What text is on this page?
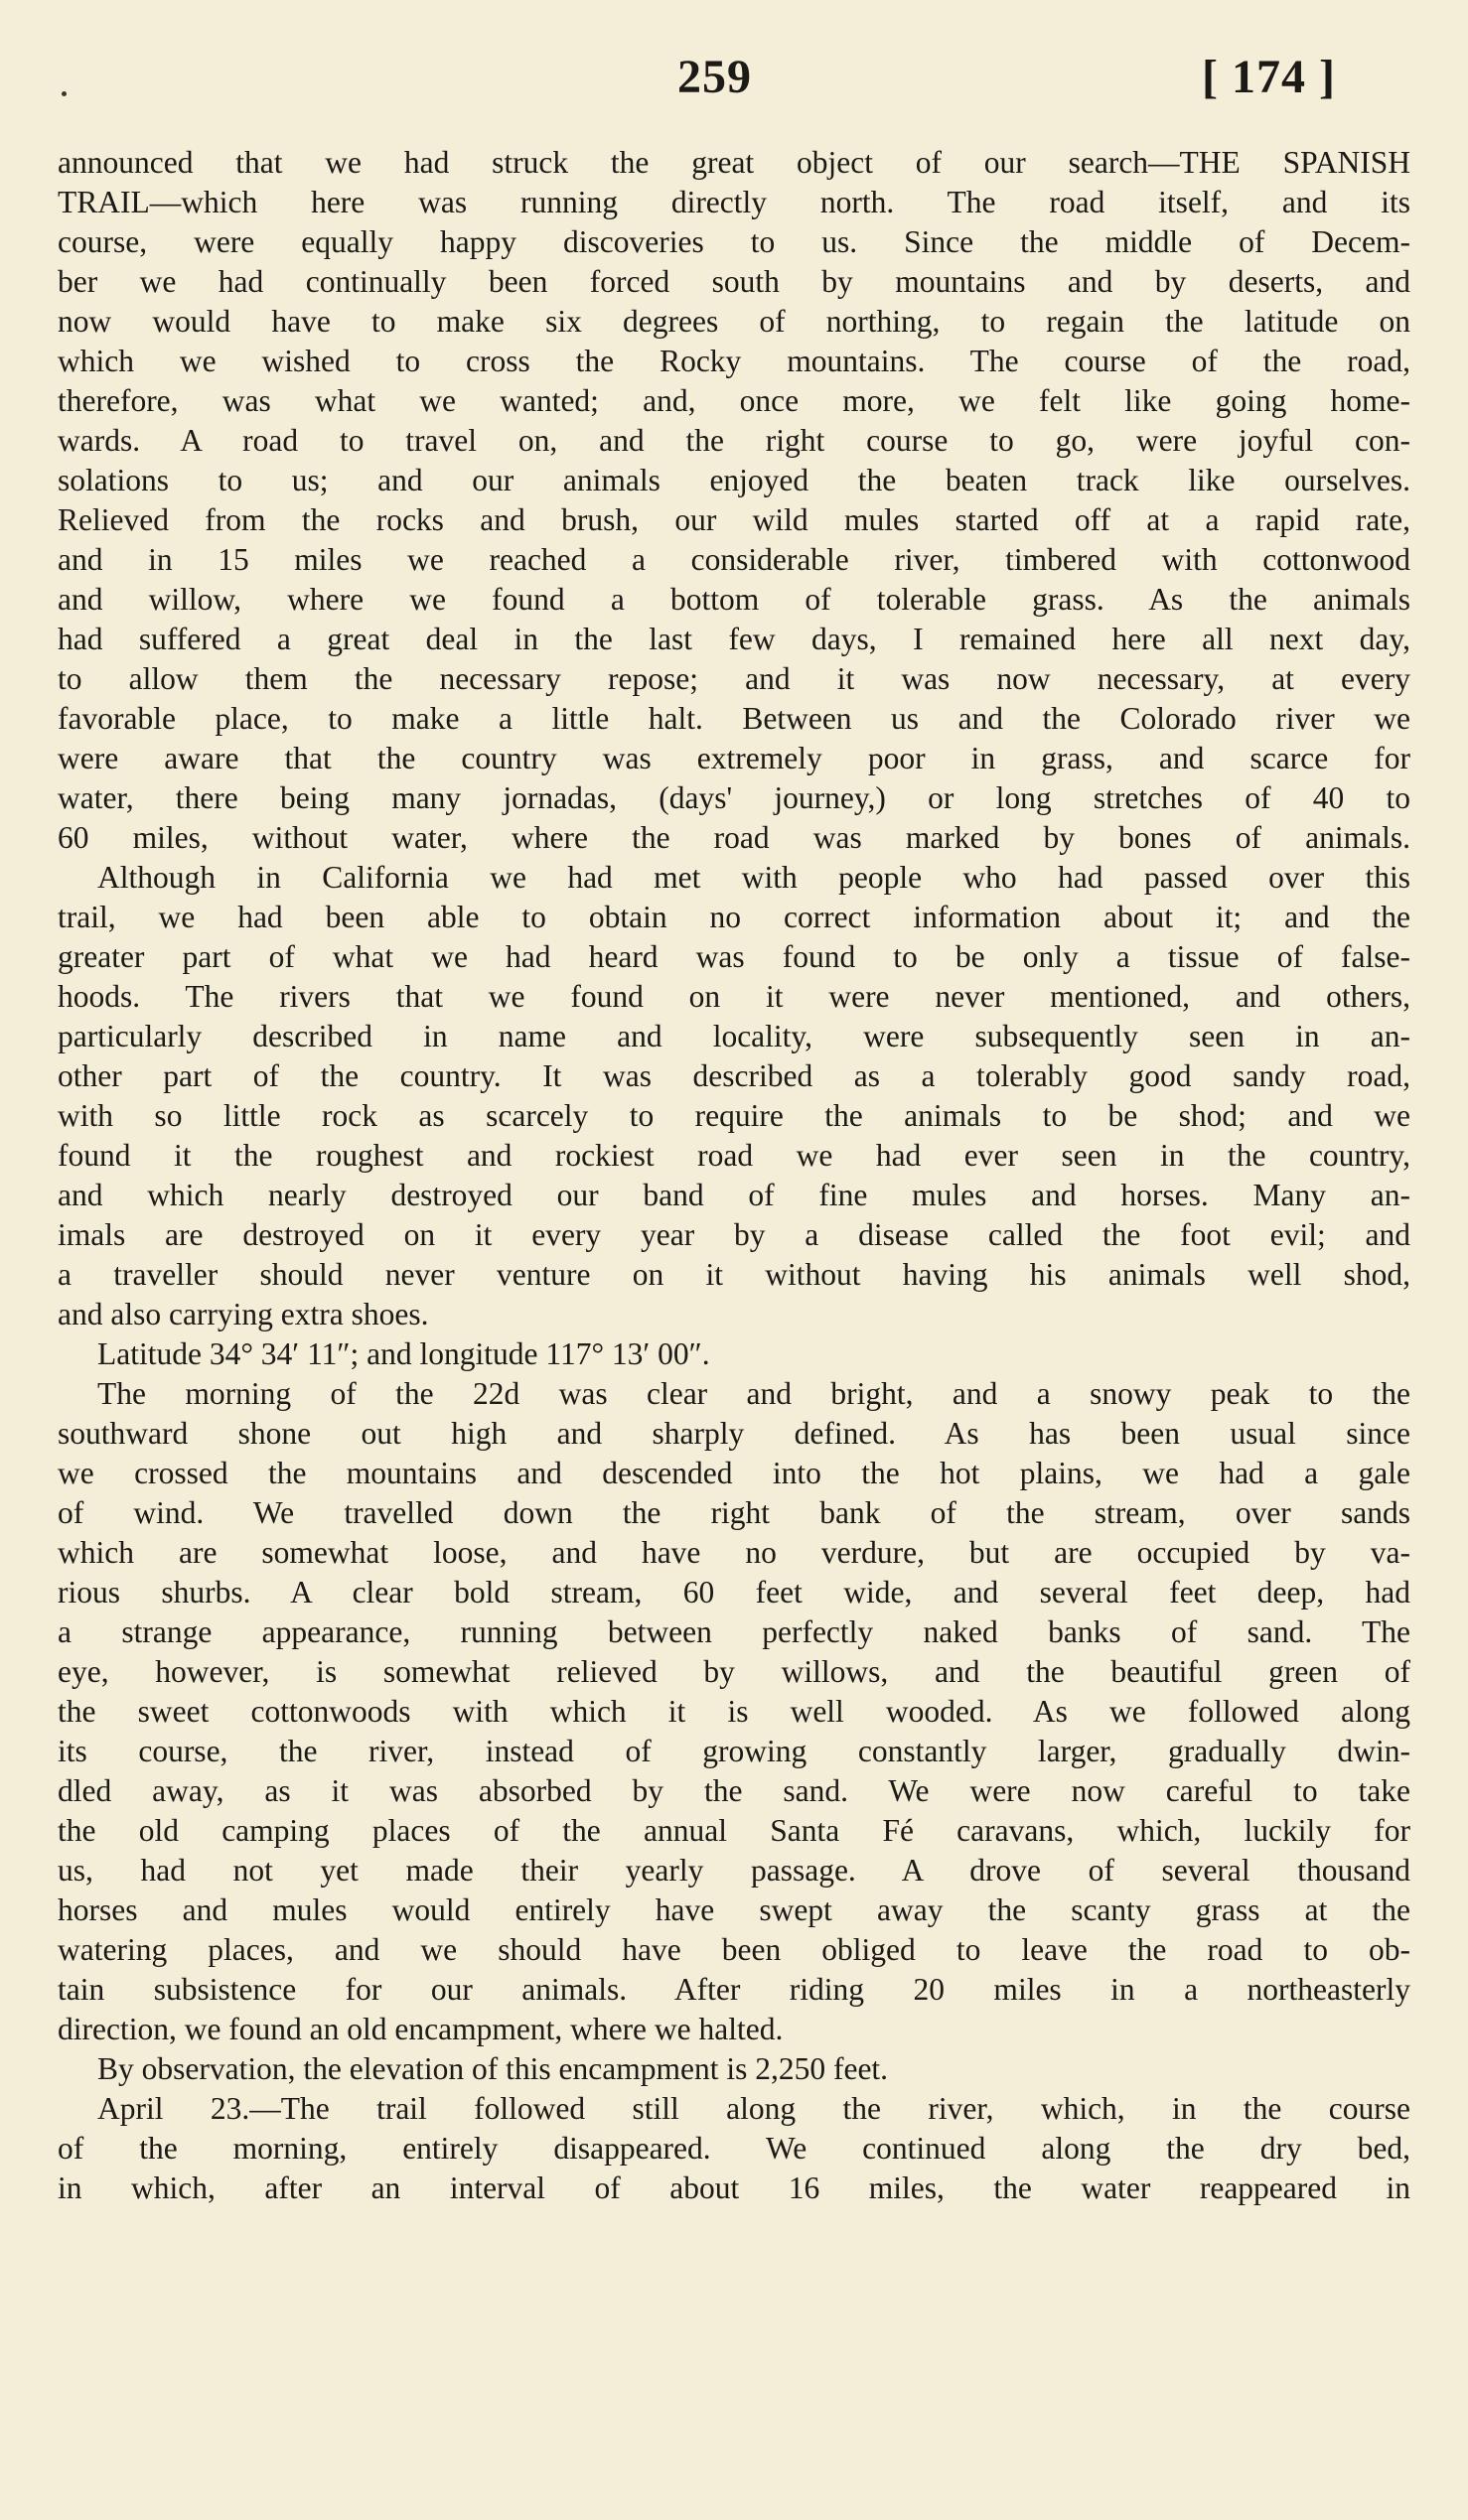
259	[ 174 ]
announced that we had struck the great object of our search—THE SPANISH
TRAIL—which here was running directly north. The road itself, and its
course, were equally happy discoveries to us. Since the middle of Decem-
ber we had continually been forced south by mountains and by deserts, and
now would have to make six degrees of northing, to regain the latitude on
which we wished to cross the Rocky mountains. The course of the road,
therefore, was what we wanted; and, once more, we felt like going home-
wards. A road to travel on, and the right course to go, were joyful con-
solations to us; and our animals enjoyed the beaten track like ourselves.
Relieved from the rocks and brush, our wild mules started off at a rapid rate,
and in 15 miles we reached a considerable river, timbered with cottonwood
and willow, where we found a bottom of tolerable grass. As the animals
had suffered a great deal in the last few days, I remained here all next day,
to allow them the necessary repose; and it was now necessary, at every
favorable place, to make a little halt. Between us and the Colorado river we
were aware that the country was extremely poor in grass, and scarce for
water, there being many jornadas, (days' journey,) or long stretches of 40 to
60 miles, without water, where the road was marked by bones of animals.
Although in California we had met with people who had passed over this
trail, we had been able to obtain no correct information about it; and the
greater part of what we had heard was found to be only a tissue of false-
hoods. The rivers that we found on it were never mentioned, and others,
particularly described in name and locality, were subsequently seen in an-
other part of the country. It was described as a tolerably good sandy road,
with so little rock as scarcely to require the animals to be shod; and we
found it the roughest and rockiest road we had ever seen in the country,
and which nearly destroyed our band of fine mules and horses. Many an-
imals are destroyed on it every year by a disease called the foot evil; and
a traveller should never venture on it without having his animals well shod,
and also carrying extra shoes.
Latitude 34° 34′ 11″; and longitude 117° 13′ 00″.
The morning of the 22d was clear and bright, and a snowy peak to the
southward shone out high and sharply defined. As has been usual since
we crossed the mountains and descended into the hot plains, we had a gale
of wind. We travelled down the right bank of the stream, over sands
which are somewhat loose, and have no verdure, but are occupied by va-
rious shurbs. A clear bold stream, 60 feet wide, and several feet deep, had
a strange appearance, running between perfectly naked banks of sand. The
eye, however, is somewhat relieved by willows, and the beautiful green of
the sweet cottonwoods with which it is well wooded. As we followed along
its course, the river, instead of growing constantly larger, gradually dwin-
dled away, as it was absorbed by the sand. We were now careful to take
the old camping places of the annual Santa Fé caravans, which, luckily for
us, had not yet made their yearly passage. A drove of several thousand
horses and mules would entirely have swept away the scanty grass at the
watering places, and we should have been obliged to leave the road to ob-
tain subsistence for our animals. After riding 20 miles in a northeasterly
direction, we found an old encampment, where we halted.
By observation, the elevation of this encampment is 2,250 feet.
April 23.—The trail followed still along the river, which, in the course
of the morning, entirely disappeared. We continued along the dry bed,
in which, after an interval of about 16 miles, the water reappeared in
